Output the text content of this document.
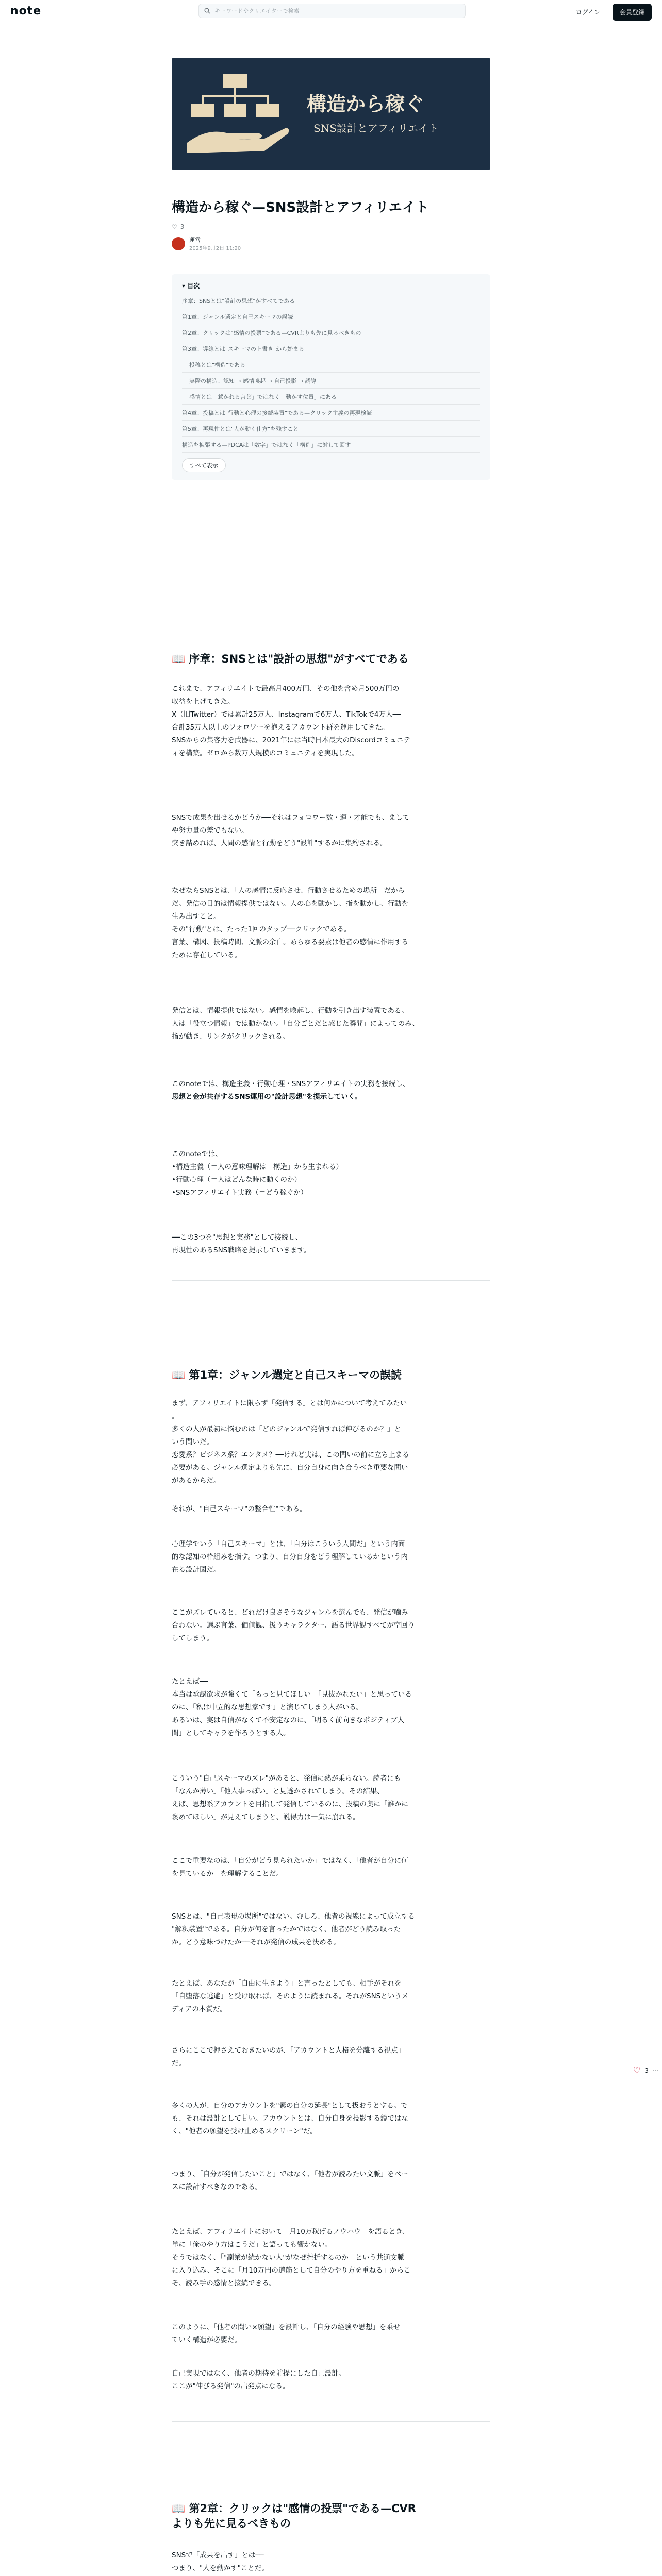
note	キーワードやクリエイターで検索	ログイン	会員登録
♡ 3 ⋯
構造から稼ぐ
SNS設計とアフィリエイト
構造から稼ぐ—SNS設計とアフィリエイト
♡ 3
運営
2025年9月2日 11:20
▾ 目次
序章：SNSとは"設計の思想"がすべてである
第1章：ジャンル選定と自己スキーマの誤読
第2章：クリックは"感情の投票"である—CVRよりも先に見るべきもの
第3章：導線とは"スキーマの上書き"から始まる
投稿とは"構造"である
実際の構造：認知 → 感情喚起 → 自己投影 → 誘導
感情とは「惹かれる言葉」ではなく「動かす位置」にある
第4章：投稿とは"行動と心理の接続装置"である—クリック主義の再現検証
第5章：再現性とは"人が動く仕方"を残すこと
構造を拡張する—PDCAは「数字」ではなく「構造」に対して回す
すべて表示
📖 序章：SNSとは"設計の思想"がすべてである

これまで、アフィリエイトで最高月400万円、その他を含め月500万円の
収益を上げてきた。
X（旧Twitter）では累計25万人、Instagramで6万人、TikTokで4万人──
合計35万人以上のフォロワーを抱えるアカウント群を運用してきた。
SNSからの集客力を武器に、2021年には当時日本最大のDiscordコミュニテ
ィを構築。ゼロから数万人規模のコミュニティを実現した。

SNSで成果を出せるかどうか──それはフォロワー数・運・才能でも、まして
や努力量の差でもない。
突き詰めれば、人間の感情と行動をどう"設計"するかに集約される。

なぜならSNSとは、「人の感情に反応させ、行動させるための場所」だから
だ。発信の目的は情報提供ではない。人の心を動かし、指を動かし、行動を
生み出すこと。
その"行動"とは、たった1回のタップ──クリックである。
言葉、構図、投稿時間、文脈の余白。あらゆる要素は他者の感情に作用する
ために存在している。

発信とは、情報提供ではない。感情を喚起し、行動を引き出す装置である。
人は「役立つ情報」では動かない。「自分ごとだと感じた瞬間」によってのみ、
指が動き、リンクがクリックされる。

このnoteでは、構造主義・行動心理・SNSアフィリエイトの実務を接続し、
思想と金が共存するSNS運用の"設計思想"を提示していく。

このnoteでは、
•構造主義（＝人の意味理解は「構造」から生まれる）
•行動心理（＝人はどんな時に動くのか）
•SNSアフィリエイト実務（＝どう稼ぐか）

──この3つを"思想と実務"として接続し、
再現性のあるSNS戦略を提示していきます。

📖 第1章：ジャンル選定と自己スキーマの誤読

まず、アフィリエイトに限らず「発信する」とは何かについて考えてみたい
。
多くの人が最初に悩むのは「どのジャンルで発信すれば伸びるのか？」と
いう問いだ。
恋愛系？ビジネス系？エンタメ？──けれど実は、この問いの前に立ち止まる
必要がある。ジャンル選定よりも先に、自分自身に向き合うべき重要な問い
があるからだ。

それが、"自己スキーマ"の整合性"である。

心理学でいう「自己スキーマ」とは、「自分はこういう人間だ」という内面
的な認知の枠組みを指す。つまり、自分自身をどう理解しているかという内
在る設計図だ。

ここがズレていると、どれだけ良さそうなジャンルを選んでも、発信が噛み
合わない。選ぶ言葉、価値観、扱うキャラクター、語る世界観すべてが空回り
してしまう。

たとえば──
本当は承認欲求が強くて「もっと見てほしい」「見抜かれたい」と思っている
のに、「私は中立的な思想家です」と演じてしまう人がいる。
あるいは、実は自信がなくて不安定なのに、「明るく前向きなポジティブ人
間」としてキャラを作ろうとする人。

こういう"自己スキーマのズレ"があると、発信に熱が乗らない。読者にも
「なんか薄い」「他人事っぽい」と見透かされてしまう。その結果、
えば、思想系アカウントを目指して発信しているのに、投稿の奥に「誰かに
褒めてほしい」が見えてしまうと、説得力は一気に崩れる。

ここで重要なのは、「自分がどう見られたいか」ではなく、「他者が自分に何
を見ているか」を理解することだ。

SNSとは、"自己表現の場所"ではない。むしろ、他者の視線によって成立する
"解釈装置"である。自分が何を言ったかではなく、他者がどう読み取った
か。どう意味づけたか──それが発信の成果を決める。

たとえば、あなたが「自由に生きよう」と言ったとしても、相手がそれを
「自堕落な逃避」と受け取れば、そのように読まれる。それがSNSというメ
ディアの本質だ。

さらにここで押さえておきたいのが、「アカウントと人格を分離する視点」
だ。

多くの人が、自分のアカウントを"素の自分の延長"として扱おうとする。で
も、それは設計として甘い。アカウントとは、自分自身を投影する鏡ではな
く、"他者の願望を受け止めるスクリーン"だ。

つまり、「自分が発信したいこと」ではなく、「他者が読みたい文脈」をベー
スに設計すべきなのである。

たとえば、アフィリエイトにおいて「月10万稼げるノウハウ」を語るとき、
単に「俺のやり方はこうだ」と語っても響かない。
そうではなく、「"副業が続かない人"がなぜ挫折するのか」という共通文脈
に入り込み、そこに「月10万円の道筋として自分のやり方を重ねる」からこ
そ、読み手の感情と接続できる。

このように、「他者の問い×願望」を設計し、「自分の経験や思想」を乗せ
ていく構造が必要だ。

自己実現ではなく、他者の期待を前提にした自己設計。
ここが"伸びる発信"の出発点になる。

📖 第2章：クリックは"感情の投票"である—CVR
よりも先に見るべきもの

SNSで「成果を出す」とは──
つまり、"人を動かす"ことだ。
